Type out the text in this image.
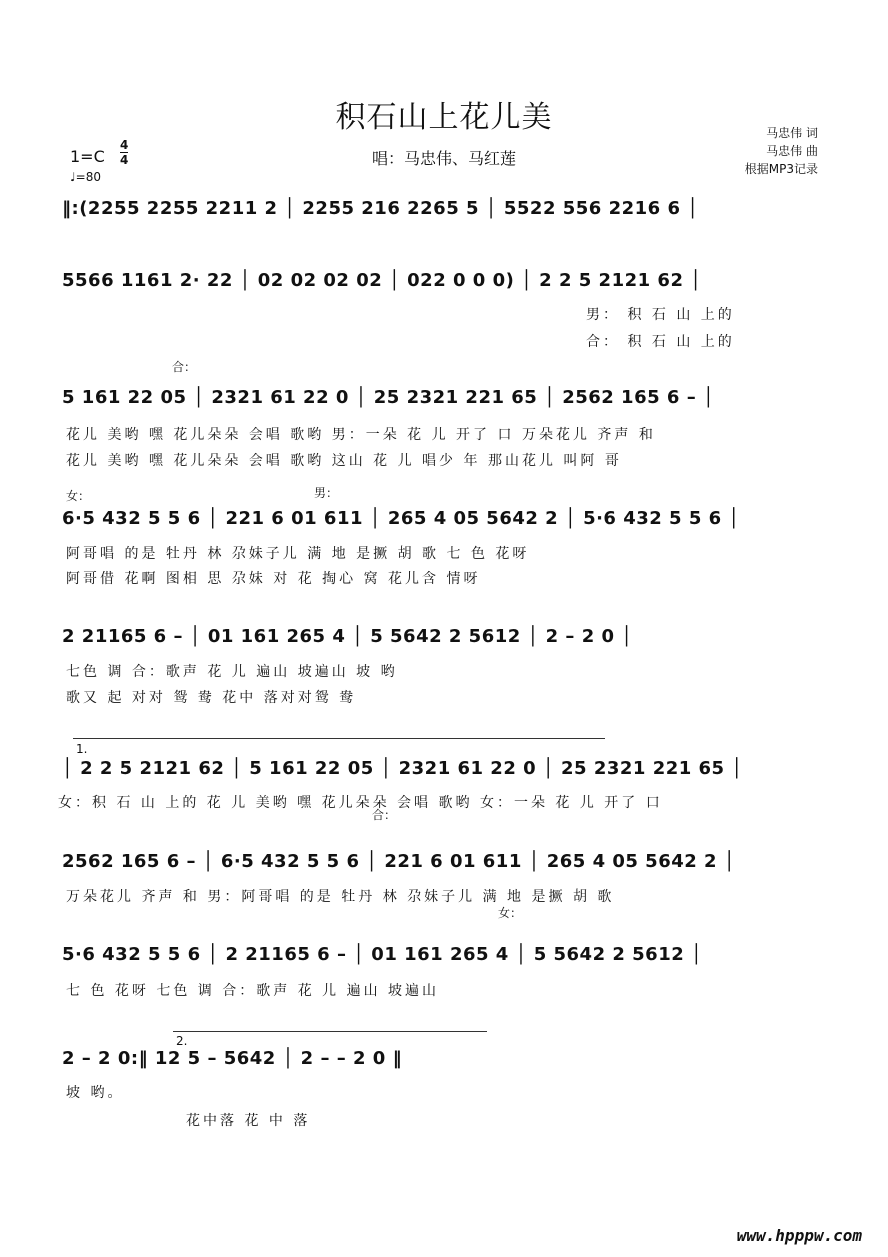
积石山上花儿美
唱：马忠伟、马红莲
马忠伟 词
马忠伟 曲
根据MP3记录
1=C
4
4
♩=80
‖:(2255 2255 2211 2 │ 2255 216 2265 5 │ 5522 556 2216 6 │
5566 1161 2· 22 │ 02 02 02 02 │ 022 0 0 0) │ 2 2 5 2121 62 │
男： 积 石 山 上的
合： 积 石 山 上的
合：
5 161 22 05 │ 2321 61 22 0 │ 25 2321 221 65 │ 2562 165 6 – │
花儿 美哟 嘿 花儿朵朵 会唱 歌哟 男：一朵 花 儿 开了 口 万朵花儿 齐声 和
花儿 美哟 嘿 花儿朵朵 会唱 歌哟 这山 花 儿 唱少 年 那山花儿 叫阿 哥
女：	男：
6·5 432 5 5 6 │ 221 6 01 611 │ 265 4 05 5642 2 │ 5·6 432 5 5 6 │
阿哥唱 的是 牡丹 林 尕妹子儿 满 地 是撅 胡 歌 七 色 花呀
阿哥借 花啊 图相 思 尕妹 对 花 掏心 窝 花儿含 情呀
2 21165 6 – │ 01 161 265 4 │ 5 5642 2 5612 │ 2 – 2 0 │
七色 调 合：歌声 花 儿 遍山 坡遍山 坡 哟
歌又 起 对对 鸳 鸯 花中 落对对鸳 鸯
1.
│ 2 2 5 2121 62 │ 5 161 22 05 │ 2321 61 22 0 │ 25 2321 221 65 │
女：积 石 山 上的 花 儿 美哟 嘿 花儿朵朵 会唱 歌哟 女：一朵 花 儿 开了 口
合：
2562 165 6 – │ 6·5 432 5 5 6 │ 221 6 01 611 │ 265 4 05 5642 2 │
万朵花儿 齐声 和 男：阿哥唱 的是 牡丹 林 尕妹子儿 满 地 是撅 胡 歌
女：
5·6 432 5 5 6 │ 2 21165 6 – │ 01 161 265 4 │ 5 5642 2 5612 │
七 色 花呀 七色 调 合：歌声 花 儿 遍山 坡遍山
2.
2 – 2 0:‖ 12 5 – 5642 │ 2 – – 2 0 ‖
坡 哟。
花中落 花 中 落
www.hpppw.com
